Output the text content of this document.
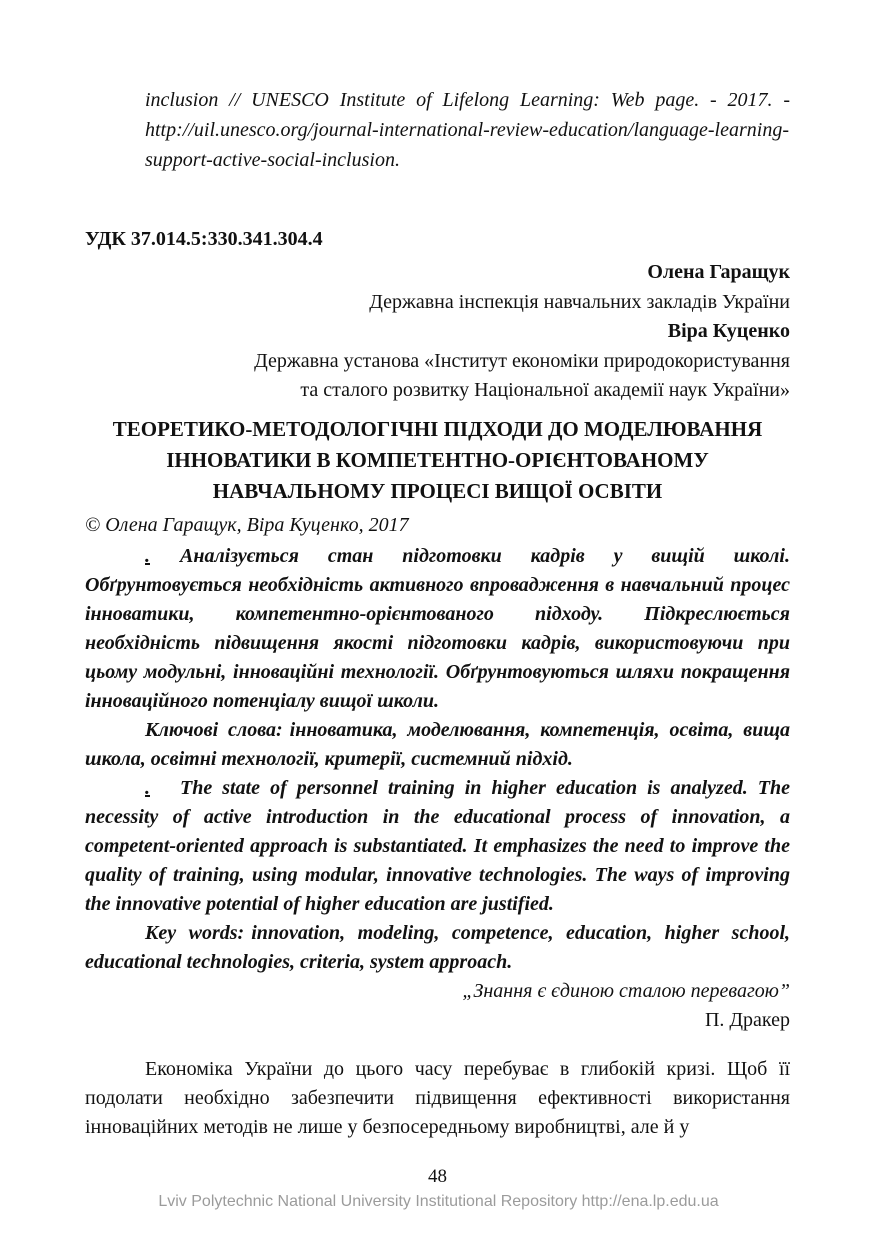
inclusion // UNESCO Institute of Lifelong Learning: Web page. - 2017. - http://uil.unesco.org/journal-international-review-education/language-learning-support-active-social-inclusion.

УДК 37.014.5:330.341.304.4
Олена Гаращук
Державна інспекція навчальних закладів України
Віра Куценко
Державна установа «Інститут економіки природокористування
та сталого розвитку Національної академії наук України»
ТЕОРЕТИКО-МЕТОДОЛОГІЧНІ ПІДХОДИ ДО МОДЕЛЮВАННЯ
ІННОВАТИКИ В КОМПЕТЕНТНО-ОРІЄНТОВАНОМУ
НАВЧАЛЬНОМУ ПРОЦЕСІ ВИЩОЇ ОСВІТИ
© Олена Гаращук, Віра Куценко, 2017

. Аналізується стан підготовки кадрів у вищій школі. Обґрунтовується необхідність активного впровадження в навчальний процес інноватики, компетентно-орієнтованого підходу. Підкреслюється необхідність підвищення якості підготовки кадрів, використовуючи при цьому модульні, інноваційні технології. Обґрунтовуються шляхи покращення інноваційного потенціалу вищої школи.

Ключові слова: інноватика, моделювання, компетенція, освіта, вища школа, освітні технології, критерії, системний підхід.

. The state of personnel training in higher education is analyzed. The necessity of active introduction in the educational process of innovation, a competent-oriented approach is substantiated. It emphasizes the need to improve the quality of training, using modular, innovative technologies. The ways of improving the innovative potential of higher education are justified.

Key words: innovation, modeling, competence, education, higher school, educational technologies, criteria, system approach.

„Знання є єдиною сталою перевагою”
П. Дракер

Економіка України до цього часу перебуває в глибокій кризі. Щоб її подолати необхідно забезпечити підвищення ефективності використання інноваційних методів не лише у безпосередньому виробництві, але й у

48
Lviv Polytechnic National University Institutional Repository http://ena.lp.edu.ua
